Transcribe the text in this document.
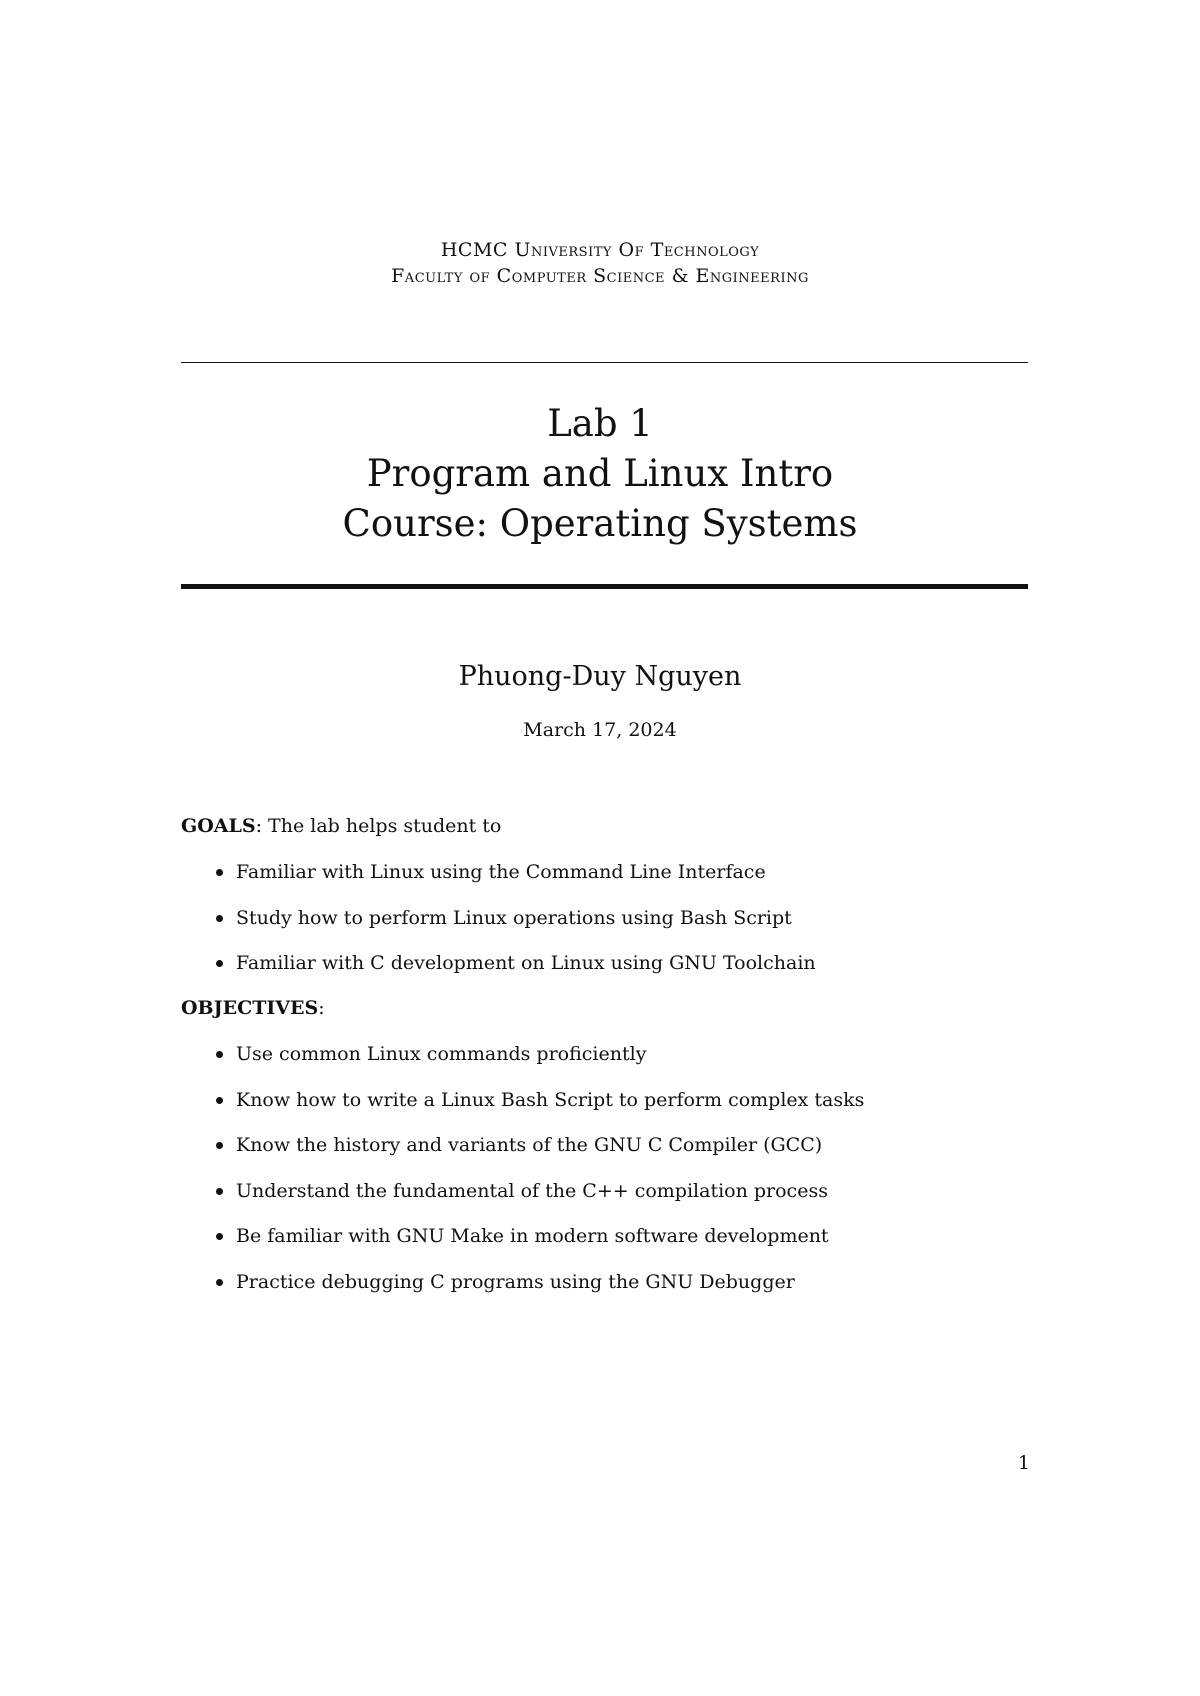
HCMC University Of Technology
Faculty of Computer Science & Engineering
Lab 1
Program and Linux Intro
Course: Operating Systems
Phuong-Duy Nguyen
March 17, 2024
GOALS: The lab helps student to
Familiar with Linux using the Command Line Interface
Study how to perform Linux operations using Bash Script
Familiar with C development on Linux using GNU Toolchain
OBJECTIVES:
Use common Linux commands proficiently
Know how to write a Linux Bash Script to perform complex tasks
Know the history and variants of the GNU C Compiler (GCC)
Understand the fundamental of the C++ compilation process
Be familiar with GNU Make in modern software development
Practice debugging C programs using the GNU Debugger
1
